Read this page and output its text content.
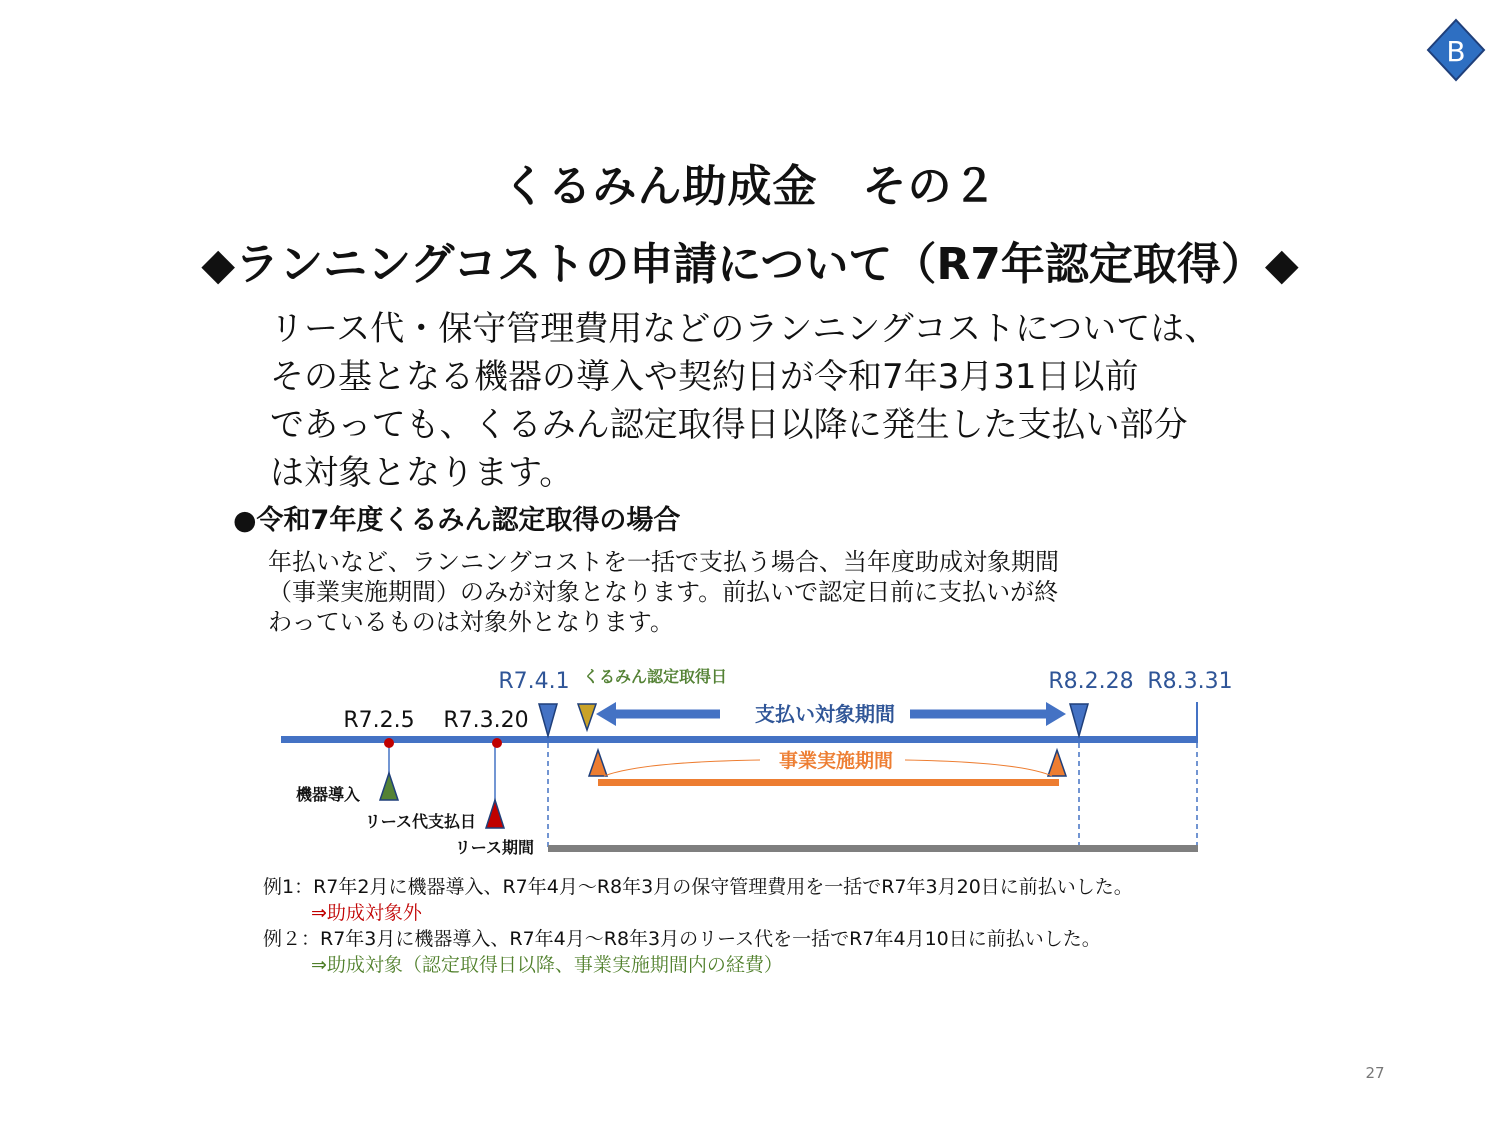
B
くるみん助成金　その２
◆ランニングコストの申請について（R7年認定取得）◆
リース代・保守管理費用などのランニングコストについては、
その基となる機器の導入や契約日が令和7年3月31日以前
であっても、くるみん認定取得日以降に発生した支払い部分
は対象となります。
●令和7年度くるみん認定取得の場合
年払いなど、ランニングコストを一括で支払う場合、当年度助成対象期間
（事業実施期間）のみが対象となります。前払いで認定日前に支払いが終
わっているものは対象外となります。
R7.2.5 R7.3.20
R7.4.1 くるみん認定取得日	R8.2.28 R8.3.31
支払い対象期間
事業実施期間
機器導入
リース代支払日
リース期間
例1：R7年2月に機器導入、R7年4月～R8年3月の保守管理費用を一括でR7年3月20日に前払いした。
⇒助成対象外
例２：R7年3月に機器導入、R7年4月～R8年3月のリース代を一括でR7年4月10日に前払いした。
⇒助成対象（認定取得日以降、事業実施期間内の経費）
27
